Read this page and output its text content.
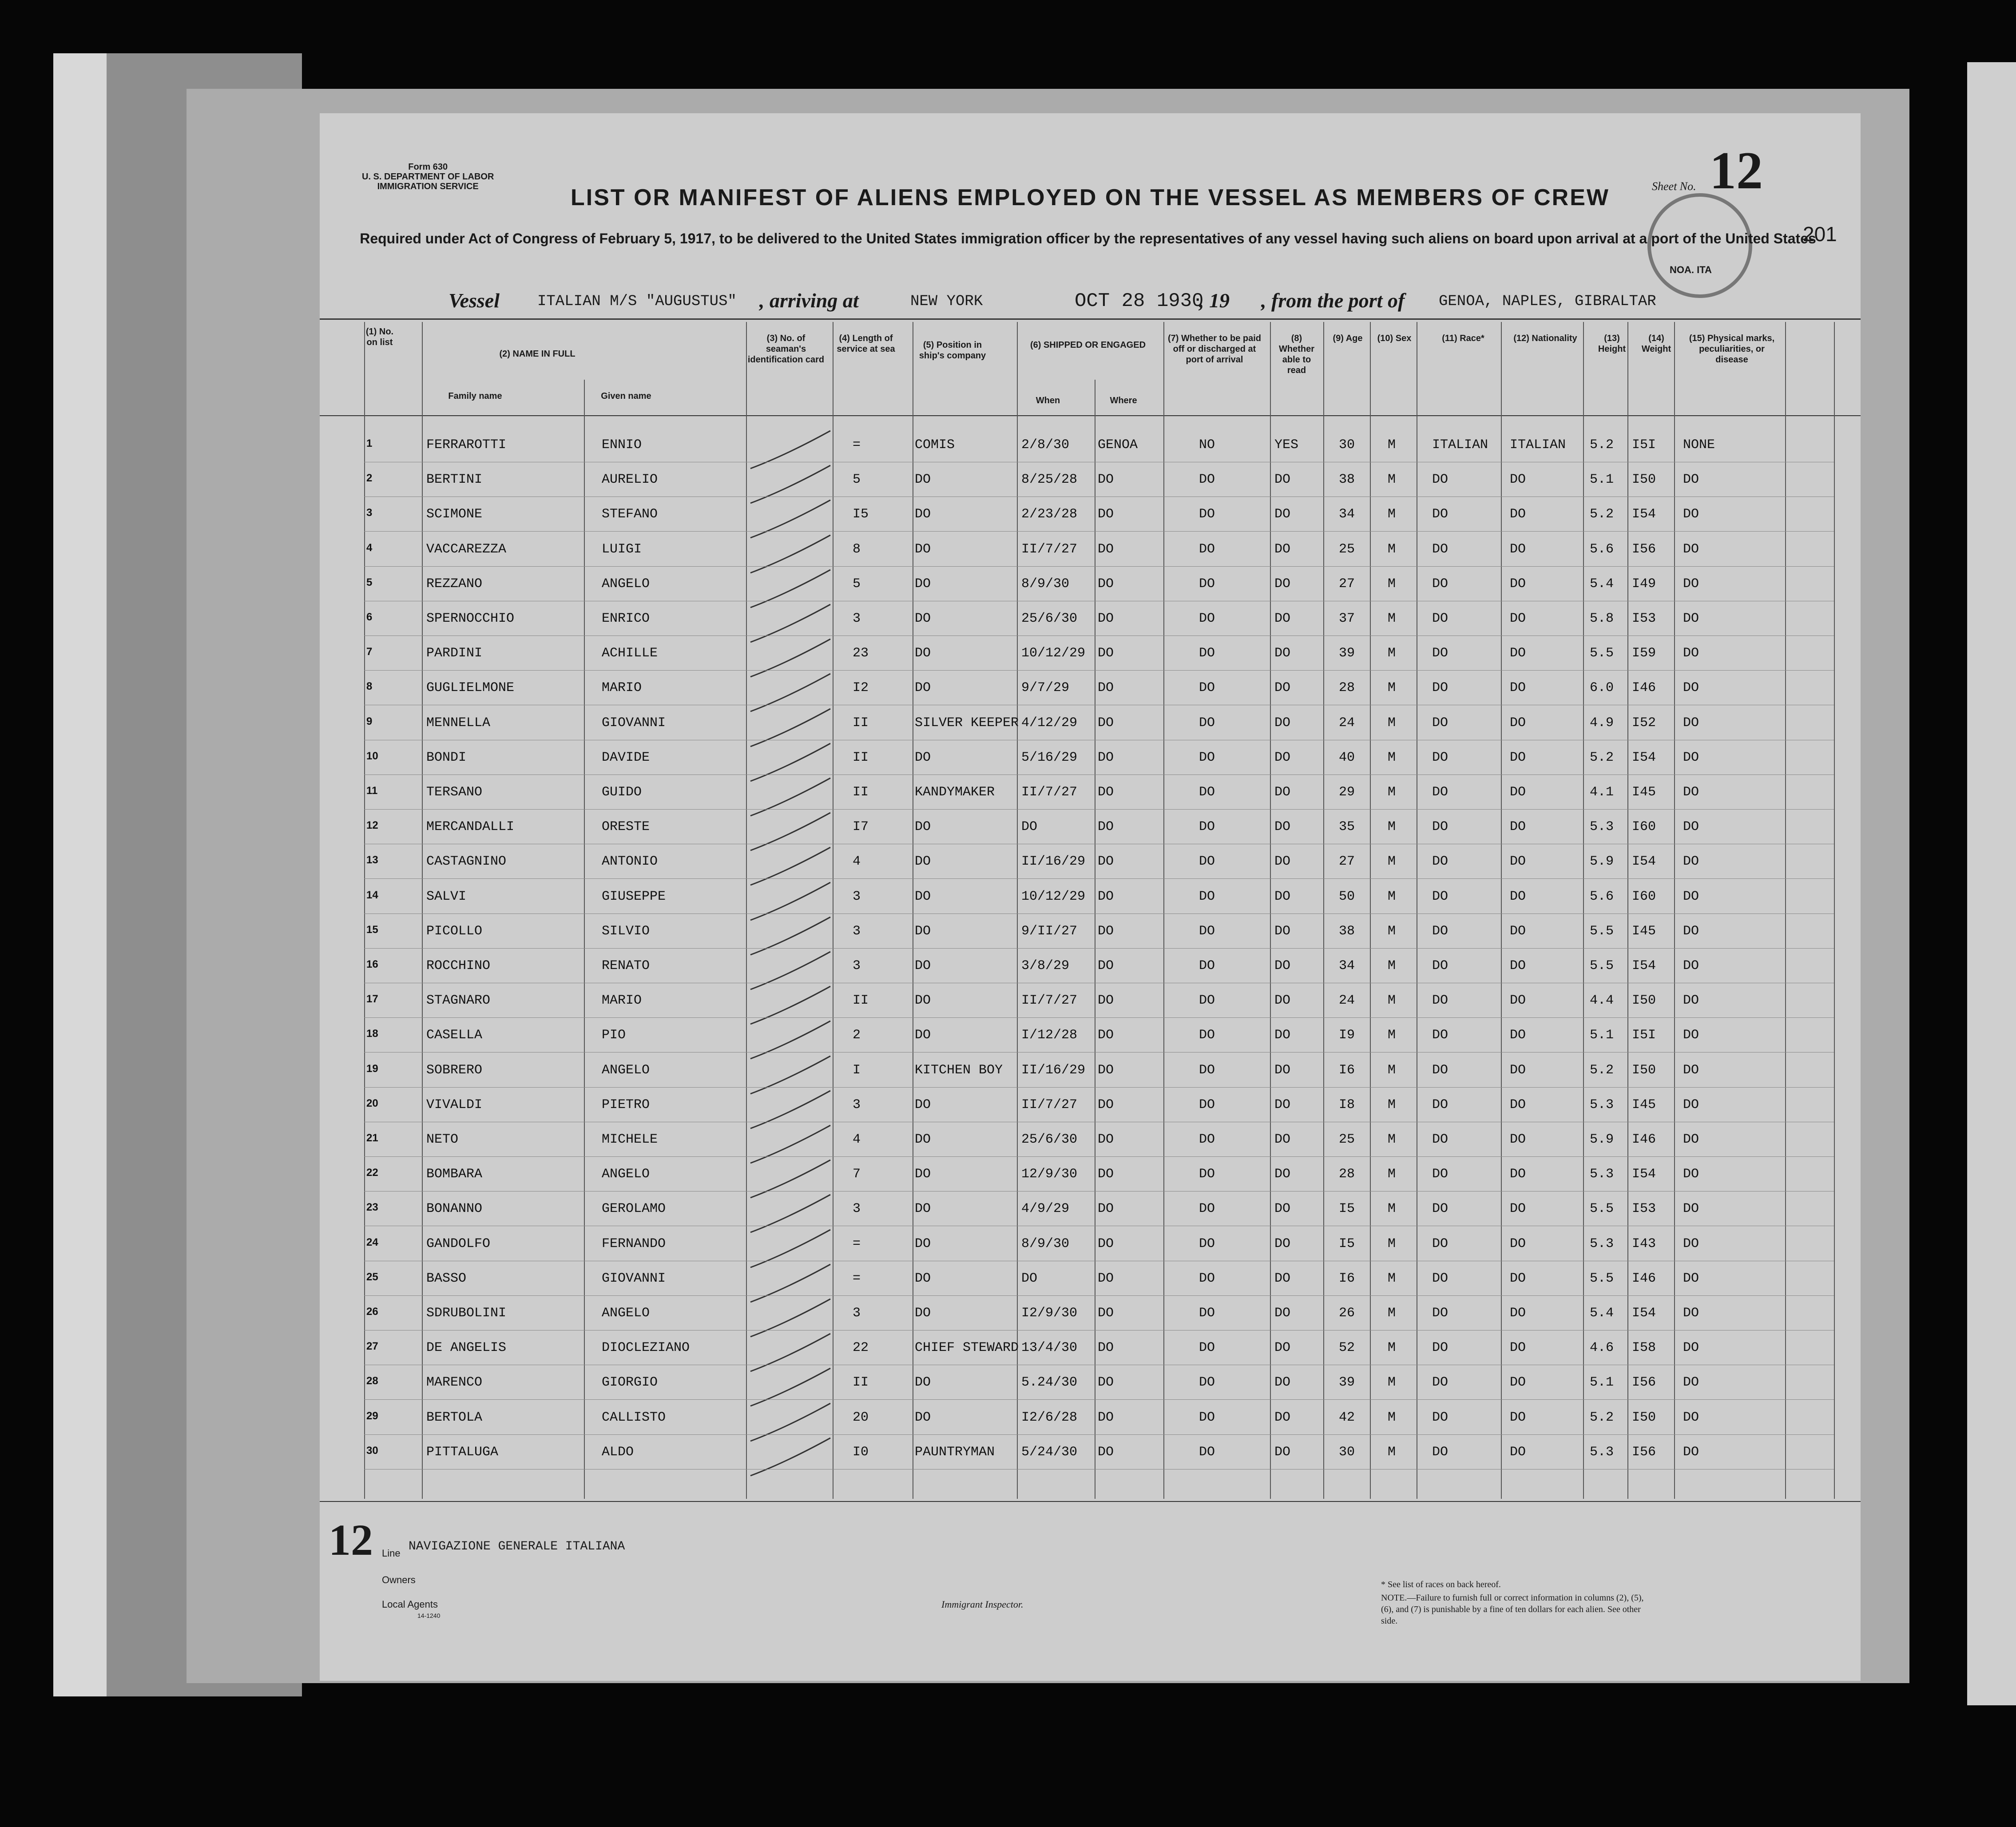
Form 630
U. S. DEPARTMENT OF LABOR
IMMIGRATION SERVICE	Sheet No. 12
NOA. ITA
201
LIST OR MANIFEST OF ALIENS EMPLOYED ON THE VESSEL AS MEMBERS OF CREW
Required under Act of Congress of February 5, 1917, to be delivered to the United States immigration officer by the representatives of any vessel having such aliens on board upon arrival at a port of the United States
Vessel	ITALIAN M/S "AUGUSTUS" , arriving at	NEW YORK	OCT 28 1930
, 19 , from the port of GENOA, NAPLES, GIBRALTAR
(1) No. on list
(2) NAME IN FULL
Family name	Given name
(3) No. of seaman's identification card
(4) Length of service at sea	(5) Position in ship's company
(6) SHIPPED OR ENGAGED
When	Where
(7) Whether to be paid off or discharged at port of arrival
(8) Whether able to read
(9) Age (10) Sex	(11) Race*	(12) Nationality	(13) Height
(14) Weight
(15) Physical marks, peculiarities, or disease
1	FERRAROTTI	ENNIO	=	COMIS	2/8/30 GENOA	NO	YES	30 M	ITALIAN ITALIAN 5.2 I5I NONE
2	BERTINI	AURELIO	5	DO	8/25/28 DO	DO	DO	38 M	DO	DO	5.1 I50 DO
3	SCIMONE	STEFANO	I5	DO	2/23/28 DO	DO	DO	34 M	DO	DO	5.2 I54 DO
4	VACCAREZZA	LUIGI	8	DO	II/7/27 DO	DO	DO	25 M	DO	DO	5.6 I56 DO
5	REZZANO	ANGELO	5	DO	8/9/30 DO	DO	DO	27 M	DO	DO	5.4 I49 DO
6	SPERNOCCHIO	ENRICO	3	DO	25/6/30 DO	DO	DO	37 M	DO	DO	5.8 I53 DO
7	PARDINI	ACHILLE	23	DO	10/12/29 DO	DO	DO	39 M	DO	DO	5.5 I59 DO
8	GUGLIELMONE	MARIO	I2	DO	9/7/29 DO	DO	DO	28 M	DO	DO	6.0 I46 DO
9	MENNELLA	GIOVANNI	II	SILVER KEEPER 4/12/29 DO	DO	DO	24 M	DO	DO	4.9 I52 DO
10	BONDI	DAVIDE	II	DO	5/16/29 DO	DO	DO	40 M	DO	DO	5.2 I54 DO
11	TERSANO	GUIDO	II	KANDYMAKER II/7/27 DO	DO	DO	29 M	DO	DO	4.1 I45 DO
12	MERCANDALLI	ORESTE	I7	DO	DO	DO	DO	DO	35 M	DO	DO	5.3 I60 DO
13	CASTAGNINO	ANTONIO	4	DO	II/16/29 DO	DO	DO	27 M	DO	DO	5.9 I54 DO
14	SALVI	GIUSEPPE	3	DO	10/12/29 DO	DO	DO	50 M	DO	DO	5.6 I60 DO
15	PICOLLO	SILVIO	3	DO	9/II/27 DO	DO	DO	38 M	DO	DO	5.5 I45 DO
16	ROCCHINO	RENATO	3	DO	3/8/29 DO	DO	DO	34 M	DO	DO	5.5 I54 DO
17	STAGNARO	MARIO	II	DO	II/7/27 DO	DO	DO	24 M	DO	DO	4.4 I50 DO
18	CASELLA	PIO	2	DO	I/12/28 DO	DO	DO	I9 M	DO	DO	5.1 I5I DO
19	SOBRERO	ANGELO	I	KITCHEN BOY II/16/29 DO	DO	DO	I6 M	DO	DO	5.2 I50 DO
20	VIVALDI	PIETRO	3	DO	II/7/27 DO	DO	DO	I8 M	DO	DO	5.3 I45 DO
21	NETO	MICHELE	4	DO	25/6/30 DO	DO	DO	25 M	DO	DO	5.9 I46 DO
22	BOMBARA	ANGELO	7	DO	12/9/30 DO	DO	DO	28 M	DO	DO	5.3 I54 DO
23	BONANNO	GEROLAMO	3	DO	4/9/29 DO	DO	DO	I5 M	DO	DO	5.5 I53 DO
24	GANDOLFO	FERNANDO	=	DO	8/9/30 DO	DO	DO	I5 M	DO	DO	5.3 I43 DO
25	BASSO	GIOVANNI	=	DO	DO	DO	DO	DO	I6 M	DO	DO	5.5 I46 DO
26	SDRUBOLINI	ANGELO	3	DO	I2/9/30 DO	DO	DO	26 M	DO	DO	5.4 I54 DO
27	DE ANGELIS	DIOCLEZIANO	22	CHIEF STEWARD 13/4/30 DO	DO	DO	52 M	DO	DO	4.6 I58 DO
28	MARENCO	GIORGIO	II	DO	5.24/30 DO	DO	DO	39 M	DO	DO	5.1 I56 DO
29	BERTOLA	CALLISTO	20	DO	I2/6/28 DO	DO	DO	42 M	DO	DO	5.2 I50 DO
30	PITTALUGA	ALDO	I0	PAUNTRYMAN 5/24/30 DO	DO	DO	30 M	DO	DO	5.3 I56 DO
12 Line NAVIGAZIONE GENERALE ITALIANA
Owners
Local Agents
14-1240
Immigrant Inspector.
* See list of races on back hereof.
NOTE.—Failure to furnish full or correct information in columns (2), (5), (6), and (7) is punishable by a fine of ten dollars for each alien. See other side.
